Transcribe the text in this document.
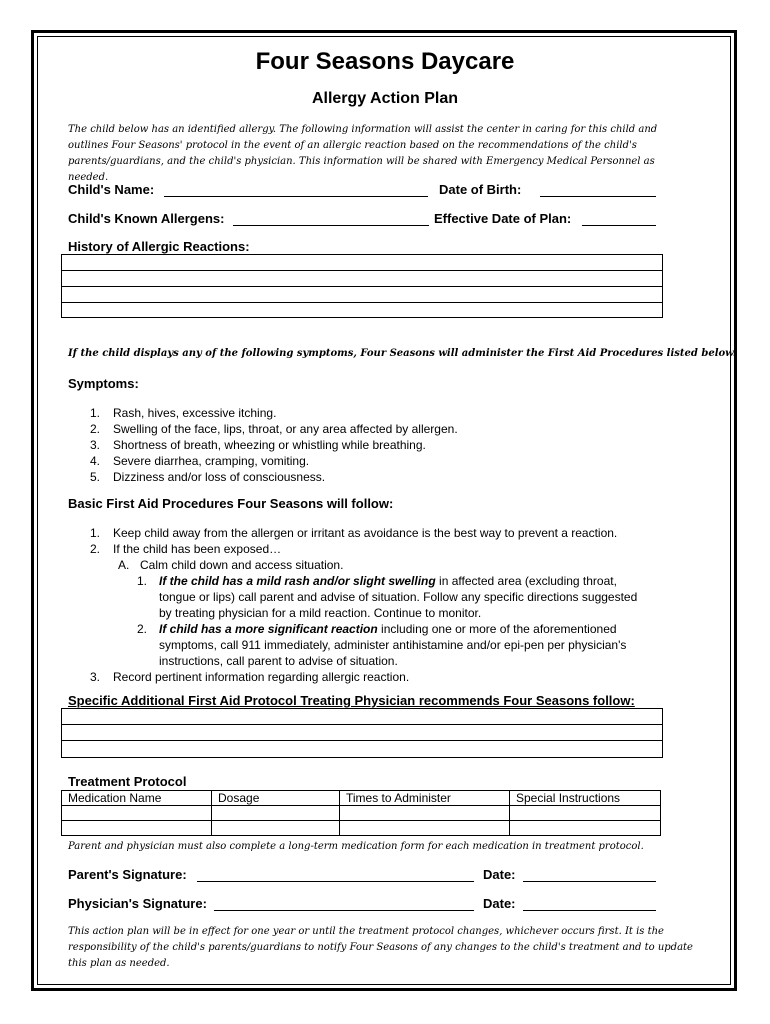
Four Seasons Daycare
Allergy Action Plan
The child below has an identified allergy. The following information will assist the center in caring for this child and outlines Four Seasons' protocol in the event of an allergic reaction based on the recommendations of the child's parents/guardians, and the child's physician. This information will be shared with Emergency Medical Personnel as needed.
Child's Name:	Date of Birth:
Child's Known Allergens:	Effective Date of Plan:
History of Allergic Reactions:
If the child displays any of the following symptoms, Four Seasons will administer the First Aid Procedures listed below.
Symptoms:
1. Rash, hives, excessive itching.
2. Swelling of the face, lips, throat, or any area affected by allergen.
3. Shortness of breath, wheezing or whistling while breathing.
4. Severe diarrhea, cramping, vomiting.
5. Dizziness and/or loss of consciousness.
Basic First Aid Procedures Four Seasons will follow:
1. Keep child away from the allergen or irritant as avoidance is the best way to prevent a reaction.
2. If the child has been exposed…
A. Calm child down and access situation.
1. If the child has a mild rash and/or slight swelling in affected area (excluding throat,
tongue or lips) call parent and advise of situation. Follow any specific directions suggested
by treating physician for a mild reaction. Continue to monitor.
2. If child has a more significant reaction including one or more of the aforementioned
symptoms, call 911 immediately, administer antihistamine and/or epi-pen per physician's
instructions, call parent to advise of situation.
3. Record pertinent information regarding allergic reaction.
Specific Additional First Aid Protocol Treating Physician recommends Four Seasons follow:
Treatment Protocol
Medication Name	Dosage	Times to Administer	Special Instructions

Parent and physician must also complete a long-term medication form for each medication in treatment protocol.
Parent's Signature:	Date:
Physician's Signature:	Date:
This action plan will be in effect for one year or until the treatment protocol changes, whichever occurs first. It is the responsibility of the child's parents/guardians to notify Four Seasons of any changes to the child's treatment and to update this plan as needed.
